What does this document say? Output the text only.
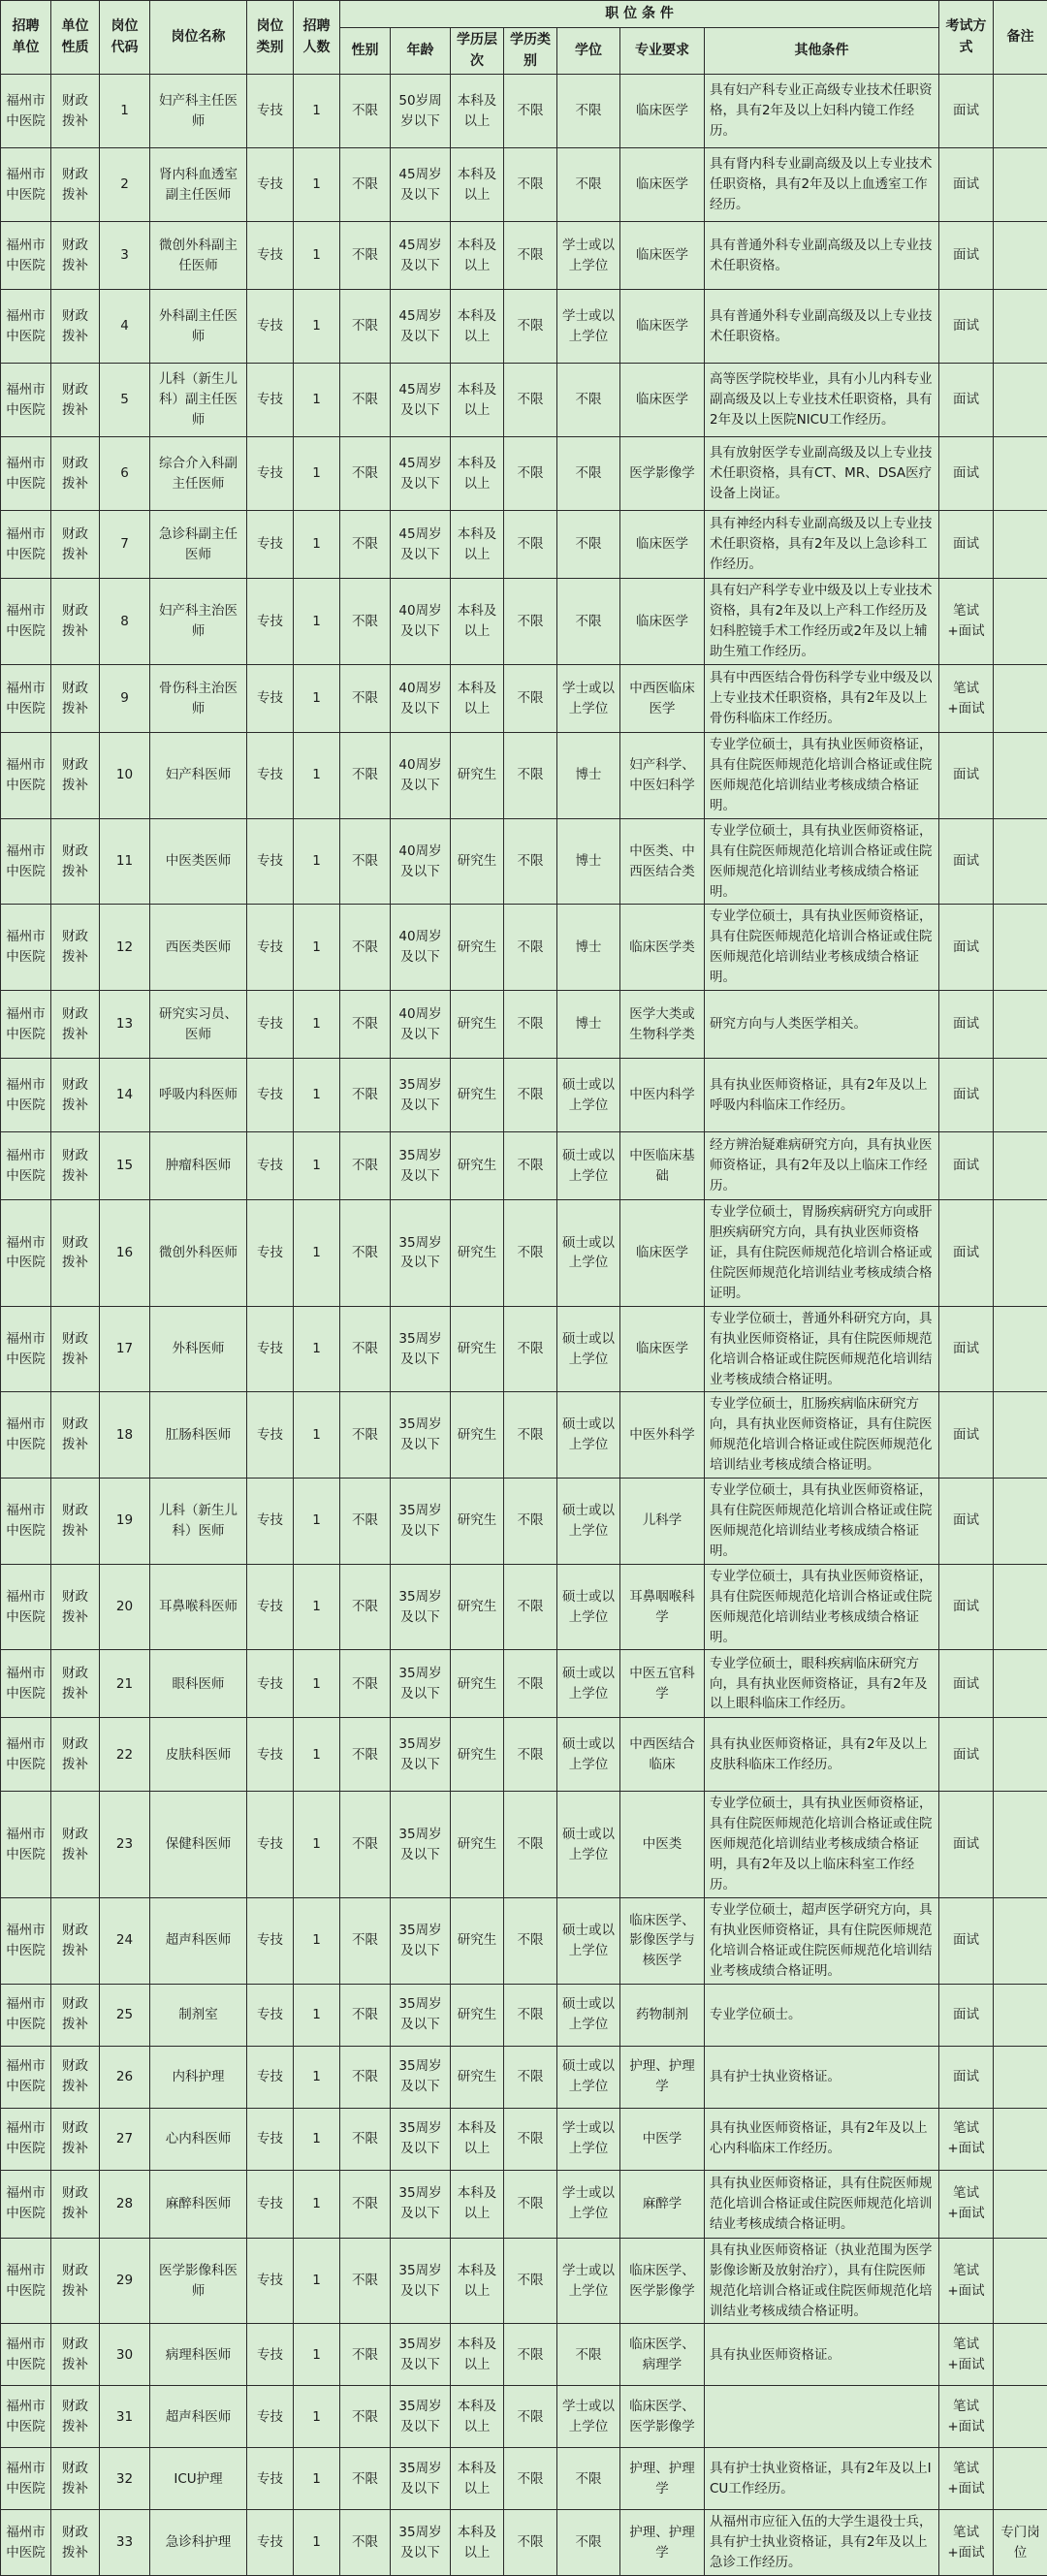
招聘单位	单位性质	岗位代码	岗位名称	岗位类别	招聘人数	职 位 条 件							考试方式	备注
						性别	年龄	学历层次	学历类别	学位	专业要求	其他条件		
福州市中医院	财政拨补	1	妇产科主任医师	专技	1	不限	50岁周岁以下	本科及以上	不限	不限	临床医学	具有妇产科专业正高级专业技术任职资格，具有2年及以上妇科内镜工作经历。	面试	
福州市中医院	财政拨补	2	肾内科血透室副主任医师	专技	1	不限	45周岁及以下	本科及以上	不限	不限	临床医学	具有肾内科专业副高级及以上专业技术任职资格，具有2年及以上血透室工作经历。	面试	
福州市中医院	财政拨补	3	微创外科副主任医师	专技	1	不限	45周岁及以下	本科及以上	不限	学士或以上学位	临床医学	具有普通外科专业副高级及以上专业技术任职资格。	面试	
福州市中医院	财政拨补	4	外科副主任医师	专技	1	不限	45周岁及以下	本科及以上	不限	学士或以上学位	临床医学	具有普通外科专业副高级及以上专业技术任职资格。	面试	
福州市中医院	财政拨补	5	儿科（新生儿科）副主任医师	专技	1	不限	45周岁及以下	本科及以上	不限	不限	临床医学	高等医学院校毕业，具有小儿内科专业副高级及以上专业技术任职资格，具有2年及以上医院NICU工作经历。	面试	
福州市中医院	财政拨补	6	综合介入科副主任医师	专技	1	不限	45周岁及以下	本科及以上	不限	不限	医学影像学	具有放射医学专业副高级及以上专业技术任职资格，具有CT、MR、DSA医疗设备上岗证。	面试	
福州市中医院	财政拨补	7	急诊科副主任医师	专技	1	不限	45周岁及以下	本科及以上	不限	不限	临床医学	具有神经内科专业副高级及以上专业技术任职资格，具有2年及以上急诊科工作经历。	面试	
福州市中医院	财政拨补	8	妇产科主治医师	专技	1	不限	40周岁及以下	本科及以上	不限	不限	临床医学	具有妇产科学专业中级及以上专业技术资格，具有2年及以上产科工作经历及妇科腔镜手术工作经历或2年及以上辅助生殖工作经历。	笔试+面试	
福州市中医院	财政拨补	9	骨伤科主治医师	专技	1	不限	40周岁及以下	本科及以上	不限	学士或以上学位	中西医临床医学	具有中西医结合骨伤科学专业中级及以上专业技术任职资格，具有2年及以上骨伤科临床工作经历。	笔试+面试	
福州市中医院	财政拨补	10	妇产科医师	专技	1	不限	40周岁及以下	研究生	不限	博士	妇产科学、中医妇科学	专业学位硕士，具有执业医师资格证，具有住院医师规范化培训合格证或住院医师规范化培训结业考核成绩合格证明。	面试	
福州市中医院	财政拨补	11	中医类医师	专技	1	不限	40周岁及以下	研究生	不限	博士	中医类、中西医结合类	专业学位硕士，具有执业医师资格证，具有住院医师规范化培训合格证或住院医师规范化培训结业考核成绩合格证明。	面试	
福州市中医院	财政拨补	12	西医类医师	专技	1	不限	40周岁及以下	研究生	不限	博士	临床医学类	专业学位硕士，具有执业医师资格证，具有住院医师规范化培训合格证或住院医师规范化培训结业考核成绩合格证明。	面试	
福州市中医院	财政拨补	13	研究实习员、医师	专技	1	不限	40周岁及以下	研究生	不限	博士	医学大类或生物科学类	研究方向与人类医学相关。	面试	
福州市中医院	财政拨补	14	呼吸内科医师	专技	1	不限	35周岁及以下	研究生	不限	硕士或以上学位	中医内科学	具有执业医师资格证，具有2年及以上呼吸内科临床工作经历。	面试	
福州市中医院	财政拨补	15	肿瘤科医师	专技	1	不限	35周岁及以下	研究生	不限	硕士或以上学位	中医临床基础	经方辨治疑难病研究方向，具有执业医师资格证，具有2年及以上临床工作经历。	面试	
福州市中医院	财政拨补	16	微创外科医师	专技	1	不限	35周岁及以下	研究生	不限	硕士或以上学位	临床医学	专业学位硕士，胃肠疾病研究方向或肝胆疾病研究方向，具有执业医师资格证，具有住院医师规范化培训合格证或住院医师规范化培训结业考核成绩合格证明。	面试	
福州市中医院	财政拨补	17	外科医师	专技	1	不限	35周岁及以下	研究生	不限	硕士或以上学位	临床医学	专业学位硕士，普通外科研究方向，具有执业医师资格证，具有住院医师规范化培训合格证或住院医师规范化培训结业考核成绩合格证明。	面试	
福州市中医院	财政拨补	18	肛肠科医师	专技	1	不限	35周岁及以下	研究生	不限	硕士或以上学位	中医外科学	专业学位硕士，肛肠疾病临床研究方向，具有执业医师资格证，具有住院医师规范化培训合格证或住院医师规范化培训结业考核成绩合格证明。	面试	
福州市中医院	财政拨补	19	儿科（新生儿科）医师	专技	1	不限	35周岁及以下	研究生	不限	硕士或以上学位	儿科学	专业学位硕士，具有执业医师资格证，具有住院医师规范化培训合格证或住院医师规范化培训结业考核成绩合格证明。	面试	
福州市中医院	财政拨补	20	耳鼻喉科医师	专技	1	不限	35周岁及以下	研究生	不限	硕士或以上学位	耳鼻咽喉科学	专业学位硕士，具有执业医师资格证，具有住院医师规范化培训合格证或住院医师规范化培训结业考核成绩合格证明。	面试	
福州市中医院	财政拨补	21	眼科医师	专技	1	不限	35周岁及以下	研究生	不限	硕士或以上学位	中医五官科学	专业学位硕士，眼科疾病临床研究方向，具有执业医师资格证，具有2年及以上眼科临床工作经历。	面试	
福州市中医院	财政拨补	22	皮肤科医师	专技	1	不限	35周岁及以下	研究生	不限	硕士或以上学位	中西医结合临床	具有执业医师资格证，具有2年及以上皮肤科临床工作经历。	面试	
福州市中医院	财政拨补	23	保健科医师	专技	1	不限	35周岁及以下	研究生	不限	硕士或以上学位	中医类	专业学位硕士，具有执业医师资格证，具有住院医师规范化培训合格证或住院医师规范化培训结业考核成绩合格证明，具有2年及以上临床科室工作经历。	面试	
福州市中医院	财政拨补	24	超声科医师	专技	1	不限	35周岁及以下	研究生	不限	硕士或以上学位	临床医学、影像医学与核医学	专业学位硕士，超声医学研究方向，具有执业医师资格证，具有住院医师规范化培训合格证或住院医师规范化培训结业考核成绩合格证明。	面试	
福州市中医院	财政拨补	25	制剂室	专技	1	不限	35周岁及以下	研究生	不限	硕士或以上学位	药物制剂	专业学位硕士。	面试	
福州市中医院	财政拨补	26	内科护理	专技	1	不限	35周岁及以下	研究生	不限	硕士或以上学位	护理、护理学	具有护士执业资格证。	面试	
福州市中医院	财政拨补	27	心内科医师	专技	1	不限	35周岁及以下	本科及以上	不限	学士或以上学位	中医学	具有执业医师资格证，具有2年及以上心内科临床工作经历。	笔试+面试	
福州市中医院	财政拨补	28	麻醉科医师	专技	1	不限	35周岁及以下	本科及以上	不限	学士或以上学位	麻醉学	具有执业医师资格证，具有住院医师规范化培训合格证或住院医师规范化培训结业考核成绩合格证明。	笔试+面试	
福州市中医院	财政拨补	29	医学影像科医师	专技	1	不限	35周岁及以下	本科及以上	不限	学士或以上学位	临床医学、医学影像学	具有执业医师资格证（执业范围为医学影像诊断及放射治疗），具有住院医师规范化培训合格证或住院医师规范化培训结业考核成绩合格证明。	笔试+面试	
福州市中医院	财政拨补	30	病理科医师	专技	1	不限	35周岁及以下	本科及以上	不限	不限	临床医学、病理学	具有执业医师资格证。	笔试+面试	
福州市中医院	财政拨补	31	超声科医师	专技	1	不限	35周岁及以下	本科及以上	不限	学士或以上学位	临床医学、医学影像学		笔试+面试	
福州市中医院	财政拨补	32	ICU护理	专技	1	不限	35周岁及以下	本科及以上	不限	不限	护理、护理学	具有护士执业资格证，具有2年及以上ICU工作经历。	笔试+面试	
福州市中医院	财政拨补	33	急诊科护理	专技	1	不限	35周岁及以下	本科及以上	不限	不限	护理、护理学	从福州市应征入伍的大学生退役士兵，具有护士执业资格证，具有2年及以上急诊工作经历。	笔试+面试	专门岗位
